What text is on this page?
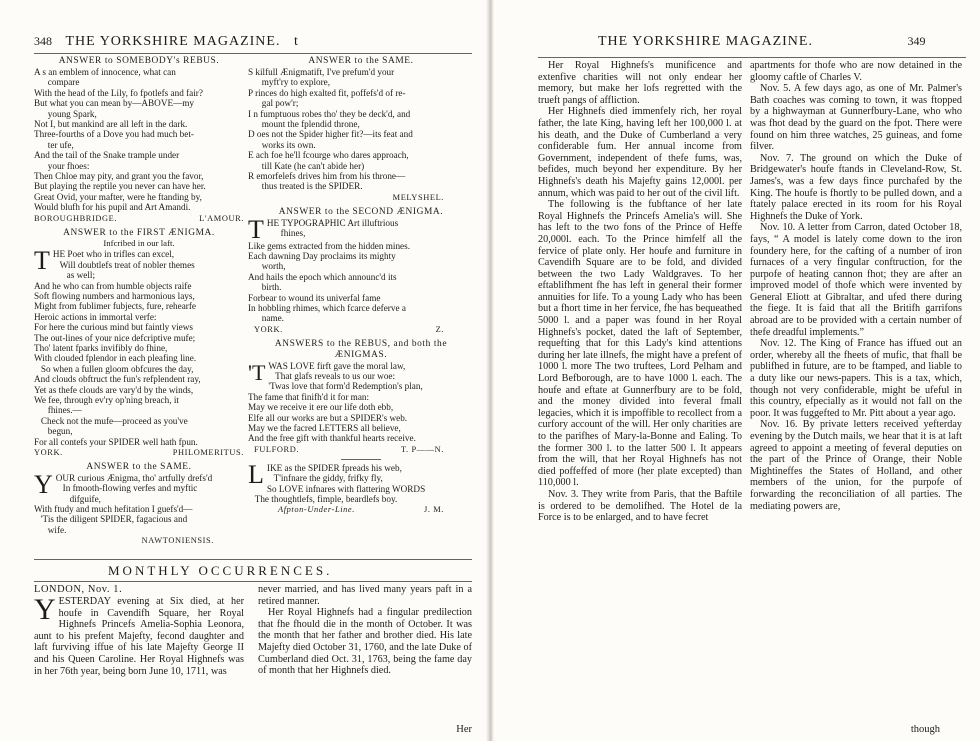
348 THE YORKSHIRE MAGAZINE. t

ANSWER to SOMEBODY's REBUS.

A s an emblem of innocence, what can
compare
With the head of the Lily, fo fpotlefs and fair?
But what you can mean by—ABOVE—my
young Spark,
Not I, but mankind are all left in the dark.
Three-fourths of a Dove you had much bet-
ter ufe,
And the tail of the Snake trample under
your fhoes:
Then Chloe may pity, and grant you the favor,
But playing the reptile you never can have her.
Great Ovid, your mafter, were he ftanding by,
Would blufh for his pupil and Art Amandi.

BOROUGHBRIDGE.	L'AMOUR.

ANSWER to the FIRST ÆNIGMA.

Infcribed in our laft.

T HE Poet who in trifles can excel,
Will doubtlefs treat of nobler themes
as well;
And he who can from humble objects raife
Soft flowing numbers and harmonious lays,
Might from fublimer fubjects, fure, rehearfe
Heroic actions in immortal verfe:
For here the curious mind but faintly views
The out-lines of your nice defcriptive mufe;
Tho' latent fparks invifibly do fhine,
With clouded fplendor in each pleafing line.
So when a fullen gloom obfcures the day,
And clouds obftruct the fun's refplendent ray,
Yet as thefe clouds are vary'd by the winds,
We fee, through ev'ry op'ning breach, it
fhines.—
Check not the mufe—proceed as you've
begun,
For all contefs your SPIDER well hath fpun.

YORK.	PHILOMERITUS.

ANSWER to the SAME.

Y OUR curious Ænigma, tho' artfully drefs'd
In fmooth-flowing verfes and myftic
difguife,
With ftudy and much hefitation I guefs'd—
'Tis the diligent SPIDER, fagacious and
wife.

NAWTONIENSIS.

ANSWER to the SAME.

S kilfull Ænigmatift, I've prefum'd your
myft'ry to explore,
P rinces do high exalted fit, poffefs'd of re-
gal pow'r;
I n fumptuous robes tho' they be deck'd, and
mount the fplendid throne,
D oes not the Spider higher fit?—its feat and
works its own.
E ach foe he'll fcourge who dares approach,
till Kate (he can't abide her)
R emorfelefs drives him from his throne—
thus treated is the SPIDER.

MELYSHEL.

ANSWER to the SECOND ÆNIGMA.

T HE TYPOGRAPHIC Art illuftrious
fhines,

Like gems extracted from the hidden mines.
Each dawning Day proclaims its mighty
worth,
And hails the epoch which announc'd its
birth.
Forbear to wound its univerfal fame
In hobbling rhimes, which fcarce deferve a
name.

YORK.	Z.

ANSWERS to the REBUS, and both the
ÆNIGMAS.

'T WAS LOVE firft gave the moral law,
That glafs reveals to us our woe:
'Twas love that form'd Redemption's plan,
The fame that finifh'd it for man:
May we receive it ere our life doth ebb,
Elfe all our works are but a SPIDER's web.
May we the facred LETTERS all believe,
And the free gift with thankful hearts receive.

FULFORD.	T. P——N.
L IKE as the SPIDER fpreads his web,
T'infnare the giddy, frifky fly,
So LOVE infnares with flattering WORDS
The thoughtlefs, fimple, beardlefs boy.

Afpton-Under-Line.	J. M.
MONTHLY OCCURRENCES.

LONDON, Nov. 1.

Y ESTERDAY evening at Six died, at her houfe in Cavendifh Square, her Royal Highnefs Princefs Amelia-Sophia Leonora, aunt to his prefent Majefty, fecond daughter and laft furviving iffue of his late Majefty George II and his Queen Caroline. Her Royal Highnefs was in her 76th year, being born June 10, 1711, was

never married, and has lived many years paft in a retired manner.

Her Royal Highnefs had a fingular predilection that fhe fhould die in the month of October. It was the month that her father and brother died. His late Majefty died October 31, 1760, and the late Duke of Cumberland died Oct. 31, 1763, being the fame day of month that her Highnefs died.

Her
THE YORKSHIRE MAGAZINE.	349

Her Royal Highnefs's munificence and extenfive charities will not only endear her memory, but make her lofs regretted with the trueft pangs of affliction.

Her Highnefs died immenfely rich, her royal father, the late King, having left her 100,000 l. at his death, and the Duke of Cumberland a very confiderable fum. Her annual income from Government, independent of thefe fums, was, befides, much beyond her expenditure. By her Highnefs's death his Majefty gains 12,000l. per annum, which was paid to her out of the civil lift.

The following is the fubftance of her late Royal Highnefs the Princefs Amelia's will. She has left to the two fons of the Prince of Heffe 20,000l. each. To the Prince himfelf all the fervice of plate only. Her houfe and furniture in Cavendifh Square are to be fold, and divided between the two Lady Waldgraves. To her eftablifhment fhe has left in general their former annuities for life. To a young Lady who has been but a fhort time in her fervice, fhe has bequeathed 5000 l. and a paper was found in her Royal Highnefs's pocket, dated the laft of September, requefting that for this Lady's kind attentions during her late illnefs, fhe might have a prefent of 1000 l. more The two truftees, Lord Pelham and Lord Befborough, are to have 1000 l. each. The houfe and eftate at Gunnerfbury are to be fold, and the money divided into feveral fmall legacies, which it is impoffible to recollect from a curfory account of the will. Her only charities are to the parifhes of Mary-la-Bonne and Ealing. To the former 300 l. to the latter 500 l. It appears from the will, that her Royal Highnefs has not died poffeffed of more (her plate excepted) than 110,000 l.

Nov. 3. They write from Paris, that the Baftile is ordered to be demolifhed. The Hotel de la Force is to be enlarged, and to have fecret

apartments for thofe who are now detained in the gloomy caftle of Charles V.

Nov. 5. A few days ago, as one of Mr. Palmer's Bath coaches was coming to town, it was ftopped by a highwayman at Gunnerfbury-Lane, who who was fhot dead by the guard on the fpot. There were found on him three watches, 25 guineas, and fome filver.

Nov. 7. The ground on which the Duke of Bridgewater's houfe ftands in Cleveland-Row, St. James's, was a few days fince purchafed by the King. The houfe is fhortly to be pulled down, and a ftately palace erected in its room for his Royal Highnefs the Duke of York.

Nov. 10. A letter from Carron, dated October 18, fays, “ A model is lately come down to the iron foundery here, for the cafting of a number of iron furnaces of a very fingular conftruction, for the purpofe of heating cannon fhot; they are after an improved model of thofe which were invented by General Eliott at Gibraltar, and ufed there during the fiege. It is faid that all the Britifh garrifons abroad are to be provided with a certain number of thefe dreadful implements.”

Nov. 12. The King of France has iffued out an order, whereby all the fheets of mufic, that fhall be publifhed in future, are to be ftamped, and liable to a duty like our news-papers. This is a tax, which, though not very confiderable, might be ufeful in this country, efpecially as it would not fall on the poor. It was fuggefted to Mr. Pitt about a year ago.

Nov. 16. By private letters received yefterday evening by the Dutch mails, we hear that it is at laft agreed to appoint a meeting of feveral deputies on the part of the Prince of Orange, their Noble Mightineffes the States of Holland, and other members of the union, for the purpofe of forwarding the reconciliation of all parties. The mediating powers are,

though
